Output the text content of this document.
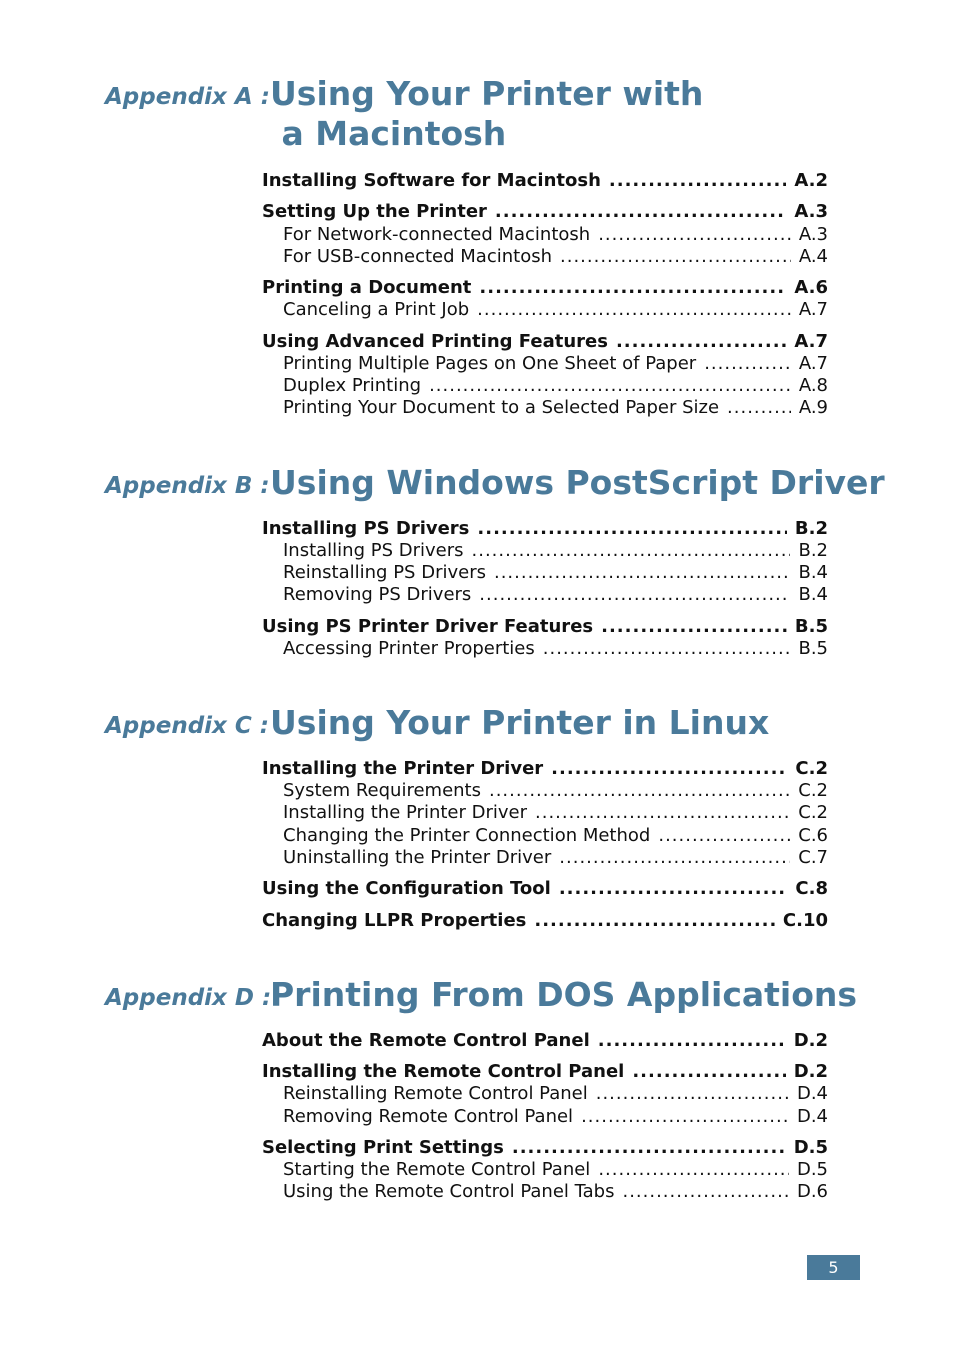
Appendix A : Using Your Printer with
a Macintosh
Installing Software for Macintosh .....	A.2
Setting Up the Printer .....	A.3
For Network-connected Macintosh .....	A.3
For USB-connected Macintosh .....	A.4
Printing a Document .....	A.6
Canceling a Print Job .....	A.7
Using Advanced Printing Features .....	A.7
Printing Multiple Pages on One Sheet of Paper .....	A.7
Duplex Printing .....	A.8
Printing Your Document to a Selected Paper Size .....	A.9
Appendix B : Using Windows PostScript Driver
Installing PS Drivers .....	B.2
Installing PS Drivers .....	B.2
Reinstalling PS Drivers .....	B.4
Removing PS Drivers .....	B.4
Using PS Printer Driver Features .....	B.5
Accessing Printer Properties .....	B.5
Appendix C : Using Your Printer in Linux
Installing the Printer Driver .....	C.2
System Requirements .....	C.2
Installing the Printer Driver .....	C.2
Changing the Printer Connection Method .....	C.6
Uninstalling the Printer Driver .....	C.7
Using the Configuration Tool .....	C.8
Changing LLPR Properties .....	C.10
Appendix D :
Printing From DOS Applications
About the Remote Control Panel .....	D.2
Installing the Remote Control Panel .....	D.2
Reinstalling Remote Control Panel .....	D.4
Removing Remote Control Panel .....	D.4
Selecting Print Settings .....	D.5
Starting the Remote Control Panel .....	D.5
Using the Remote Control Panel Tabs .....	D.6
5
